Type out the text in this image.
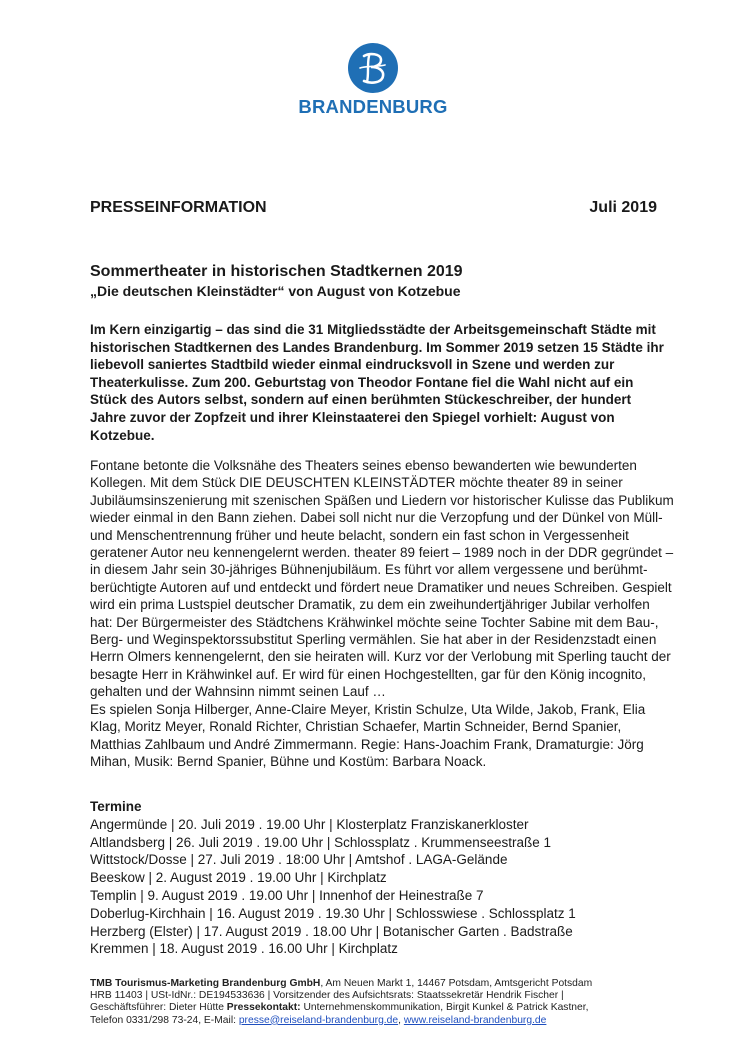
BRANDENBURG
PRESSEINFORMATION	Juli 2019
Sommertheater in historischen Stadtkernen 2019
„Die deutschen Kleinstädter“ von August von Kotzebue

Im Kern einzigartig – das sind die 31 Mitgliedsstädte der Arbeitsgemeinschaft Städte mit historischen Stadtkernen des Landes Brandenburg. Im Sommer 2019 setzen 15 Städte ihr liebevoll saniertes Stadtbild wieder einmal eindrucksvoll in Szene und werden zur Theaterkulisse. Zum 200. Geburtstag von Theodor Fontane fiel die Wahl nicht auf ein Stück des Autors selbst, sondern auf einen berühmten Stückeschreiber, der hundert Jahre zuvor der Zopfzeit und ihrer Kleinstaaterei den Spiegel vorhielt: August von Kotzebue.

Fontane betonte die Volksnähe des Theaters seines ebenso bewanderten wie bewunderten Kollegen. Mit dem Stück DIE DEUSCHTEN KLEINSTÄDTER möchte theater 89 in seiner Jubiläumsinszenierung mit szenischen Späßen und Liedern vor historischer Kulisse das Publikum wieder einmal in den Bann ziehen. Dabei soll nicht nur die Verzopfung und der Dünkel von Müll- und Menschentrennung früher und heute belacht, sondern ein fast schon in Vergessenheit geratener Autor neu kennengelernt werden. theater 89 feiert – 1989 noch in der DDR gegründet – in diesem Jahr sein 30-jähriges Bühnenjubiläum. Es führt vor allem vergessene und berühmt-berüchtigte Autoren auf und entdeckt und fördert neue Dramatiker und neues Schreiben. Gespielt wird ein prima Lustspiel deutscher Dramatik, zu dem ein zweihundertjähriger Jubilar verholfen hat: Der Bürgermeister des Städtchens Krähwinkel möchte seine Tochter Sabine mit dem Bau-, Berg- und Weginspektorssubstitut Sperling vermählen. Sie hat aber in der Residenzstadt einen Herrn Olmers kennengelernt, den sie heiraten will. Kurz vor der Verlobung mit Sperling taucht der besagte Herr in Krähwinkel auf. Er wird für einen Hochgestellten, gar für den König incognito, gehalten und der Wahnsinn nimmt seinen Lauf …
Es spielen Sonja Hilberger, Anne-Claire Meyer, Kristin Schulze, Uta Wilde, Jakob, Frank, Elia Klag, Moritz Meyer, Ronald Richter, Christian Schaefer, Martin Schneider, Bernd Spanier, Matthias Zahlbaum und André Zimmermann. Regie: Hans-Joachim Frank, Dramaturgie: Jörg Mihan, Musik: Bernd Spanier, Bühne und Kostüm: Barbara Noack.
Termine
Angermünde | 20. Juli 2019 . 19.00 Uhr | Klosterplatz Franziskanerkloster
Altlandsberg | 26. Juli 2019 . 19.00 Uhr | Schlossplatz . Krummenseestraße 1
Wittstock/Dosse | 27. Juli 2019 . 18:00 Uhr | Amtshof . LAGA-Gelände
Beeskow | 2. August 2019 . 19.00 Uhr | Kirchplatz
Templin | 9. August 2019 . 19.00 Uhr | Innenhof der Heinestraße 7
Doberlug-Kirchhain | 16. August 2019 . 19.30 Uhr | Schlosswiese . Schlossplatz 1
Herzberg (Elster) | 17. August 2019 . 18.00 Uhr | Botanischer Garten . Badstraße
Kremmen | 18. August 2019 . 16.00 Uhr | Kirchplatz
TMB Tourismus-Marketing Brandenburg GmbH, Am Neuen Markt 1, 14467 Potsdam, Amtsgericht Potsdam
HRB 11403 | USt-IdNr.: DE194533636 | Vorsitzender des Aufsichtsrats: Staatssekretär Hendrik Fischer |
Geschäftsführer: Dieter Hütte Pressekontakt: Unternehmenskommunikation, Birgit Kunkel & Patrick Kastner,
Telefon 0331/298 73-24, E-Mail: presse@reiseland-brandenburg.de, www.reiseland-brandenburg.de
